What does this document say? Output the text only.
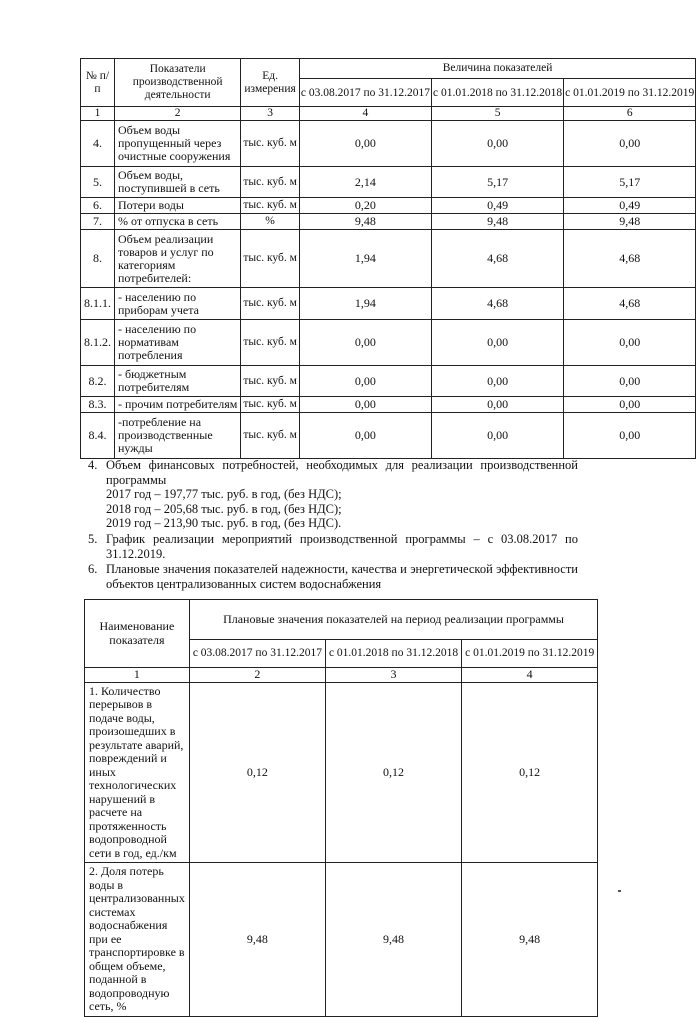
№ п/п	Показатели производственной деятельности	Ед. измерения	Величина показателей		
			с 03.08.2017 по 31.12.2017	с 01.01.2018 по 31.12.2018	с 01.01.2019 по 31.12.2019
1	2	3	4	5	6
4.	Объем воды пропущенный через очистные сооружения	тыс. куб. м	0,00	0,00	0,00
5.	Объем воды, поступившей в сеть	тыс. куб. м	2,14	5,17	5,17
6.	Потери воды	тыс. куб. м	0,20	0,49	0,49
7.	% от отпуска в сеть	%	9,48	9,48	9,48
8.	Объем реализации товаров и услуг по категориям потребителей:	тыс. куб. м	1,94	4,68	4,68
8.1.1.	- населению по приборам учета	тыс. куб. м	1,94	4,68	4,68
8.1.2.	- населению по нормативам потребления	тыс. куб. м	0,00	0,00	0,00
8.2.	- бюджетным потребителям	тыс. куб. м	0,00	0,00	0,00
8.3.	- прочим потребителям	тыс. куб. м	0,00	0,00	0,00
8.4.	-потребление на производственные нужды	тыс. куб. м	0,00	0,00	0,00
4. Объем финансовых потребностей, необходимых для реализации производственной программы
2017 год – 197,77 тыс. руб. в год, (без НДС);
2018 год – 205,68 тыс. руб. в год, (без НДС);
2019 год – 213,90 тыс. руб. в год, (без НДС).
5. График реализации мероприятий производственной программы – с 03.08.2017 по 31.12.2019.
6. Плановые значения показателей надежности, качества и энергетической эффективности объектов централизованных систем водоснабжения
Наименование показателя	Плановые значения показателей на период реализации программы		
	с 03.08.2017 по 31.12.2017	с 01.01.2018 по 31.12.2018	с 01.01.2019 по 31.12.2019
1	2	3	4
1. Количество перерывов в подаче воды, произошедших в результате аварий, повреждений и иных технологических нарушений в расчете на протяженность водопроводной сети в год, ед./км	0,12	0,12	0,12
2. Доля потерь воды в централизованных системах водоснабжения при ее транспортировке в общем объеме, поданной в водопроводную сеть, %	9,48	9,48	9,48
